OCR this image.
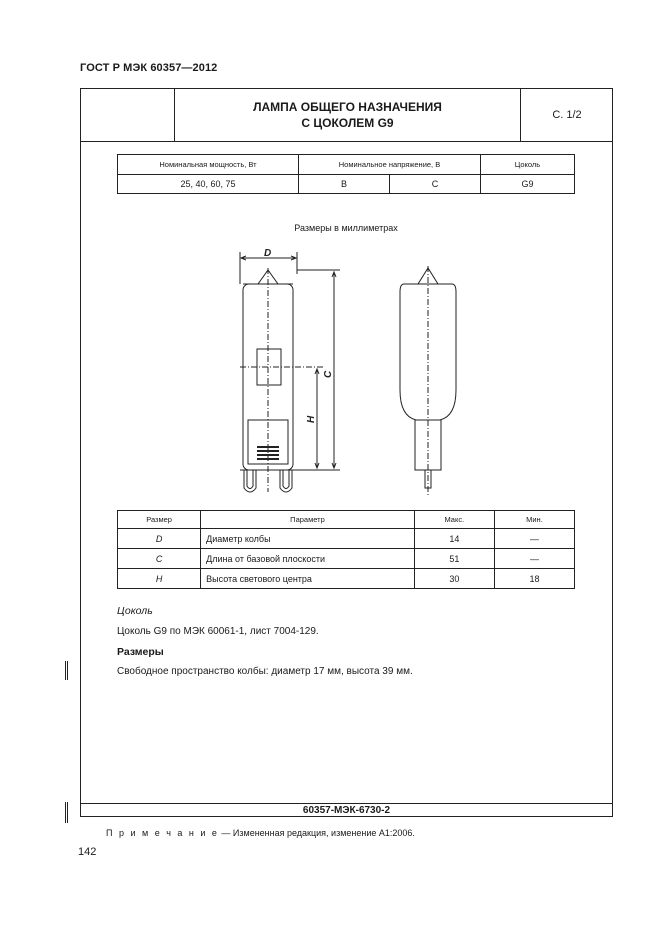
ГОСТ Р МЭК 60357—2012
ЛАМПА ОБЩЕГО НАЗНАЧЕНИЯ
С ЦОКОЛЕМ G9
С. 1/2
Номинальная мощность, Вт	Номинальное напряжение, В		Цоколь
25, 40, 60, 75	В	С	G9
Размеры в миллиметрах
D
H
C
Размер	Параметр	Макс.	Мин.
D	Диаметр колбы	14	—
C	Длина от базовой плоскости	51	—
H	Высота светового центра	30	18
Цоколь
Цоколь G9 по МЭК 60061-1, лист 7004-129.
Размеры
Свободное пространство колбы: диаметр 17 мм, высота 39 мм.
60357-МЭК-6730-2
П р и м е ч а н и е — Измененная редакция, изменение А1:2006.
142
